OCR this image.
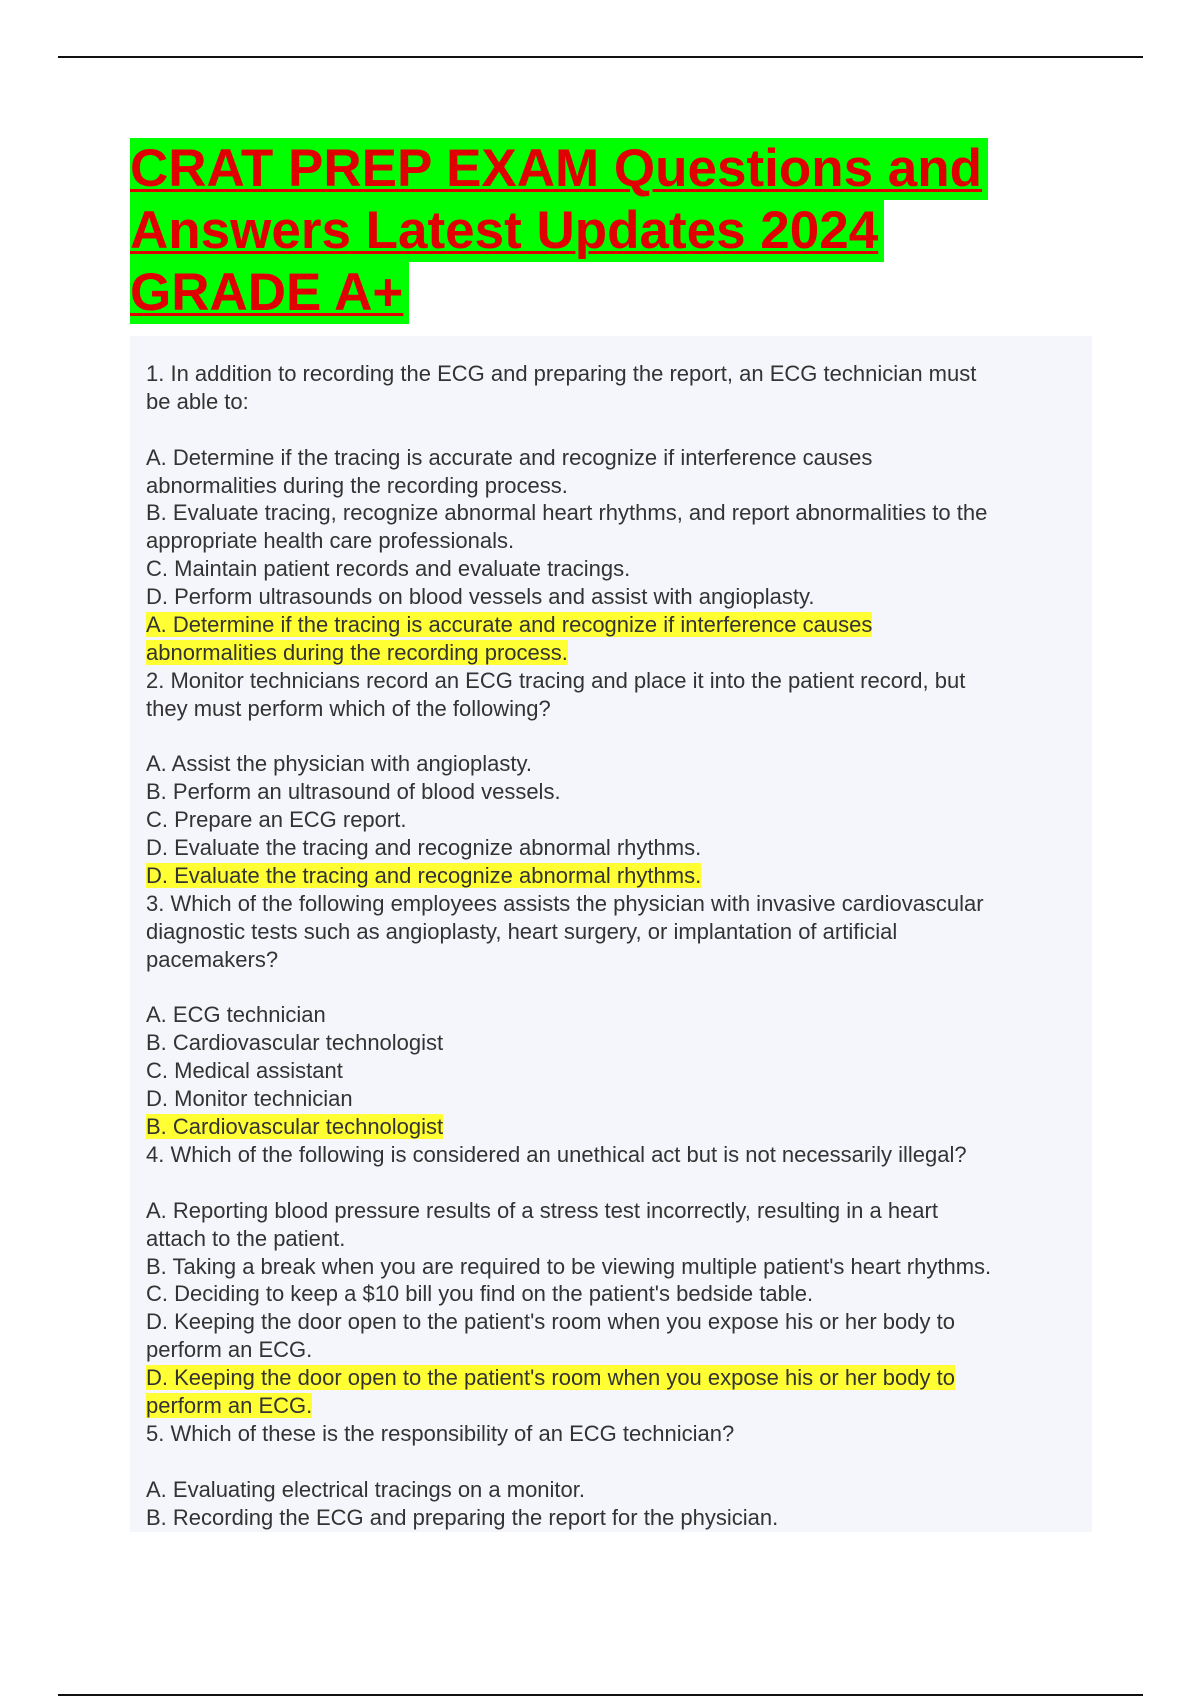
CRAT PREP EXAM Questions and
Answers Latest Updates 2024
GRADE A+
1. In addition to recording the ECG and preparing the report, an ECG technician must
be able to:
A. Determine if the tracing is accurate and recognize if interference causes
abnormalities during the recording process.
B. Evaluate tracing, recognize abnormal heart rhythms, and report abnormalities to the
appropriate health care professionals.
C. Maintain patient records and evaluate tracings.
D. Perform ultrasounds on blood vessels and assist with angioplasty.
A. Determine if the tracing is accurate and recognize if interference causes
abnormalities during the recording process.
2. Monitor technicians record an ECG tracing and place it into the patient record, but
they must perform which of the following?
A. Assist the physician with angioplasty.
B. Perform an ultrasound of blood vessels.
C. Prepare an ECG report.
D. Evaluate the tracing and recognize abnormal rhythms.
D. Evaluate the tracing and recognize abnormal rhythms.
3. Which of the following employees assists the physician with invasive cardiovascular
diagnostic tests such as angioplasty, heart surgery, or implantation of artificial
pacemakers?
A. ECG technician
B. Cardiovascular technologist
C. Medical assistant
D. Monitor technician
B. Cardiovascular technologist
4. Which of the following is considered an unethical act but is not necessarily illegal?
A. Reporting blood pressure results of a stress test incorrectly, resulting in a heart
attach to the patient.
B. Taking a break when you are required to be viewing multiple patient's heart rhythms.
C. Deciding to keep a $10 bill you find on the patient's bedside table.
D. Keeping the door open to the patient's room when you expose his or her body to
perform an ECG.
D. Keeping the door open to the patient's room when you expose his or her body to
perform an ECG.
5. Which of these is the responsibility of an ECG technician?
A. Evaluating electrical tracings on a monitor.
B. Recording the ECG and preparing the report for the physician.
